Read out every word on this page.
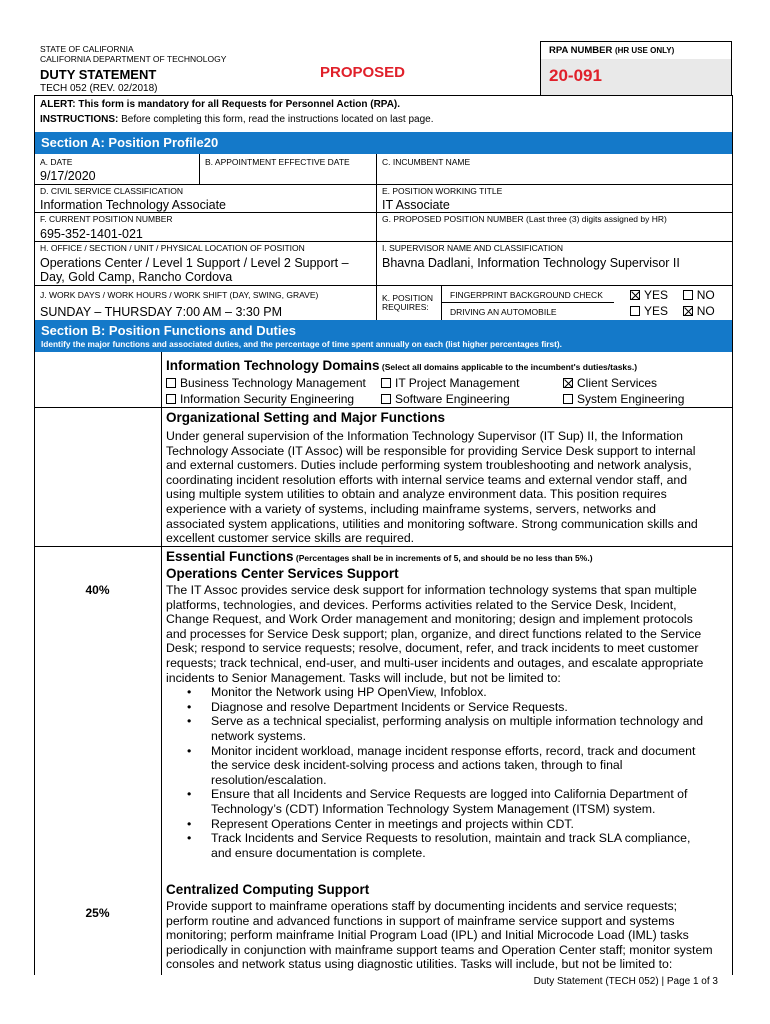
STATE OF CALIFORNIA
CALIFORNIA DEPARTMENT OF TECHNOLOGY
DUTY STATEMENT	PROPOSED
TECH 052 (REV. 02/2018)
RPA NUMBER (HR USE ONLY)
20-091
ALERT: This form is mandatory for all Requests for Personnel Action (RPA).
INSTRUCTIONS: Before completing this form, read the instructions located on last page.
Section A: Position Profile20
A. DATE
9/17/2020
B. APPOINTMENT EFFECTIVE DATE	C. INCUMBENT NAME
D. CIVIL SERVICE CLASSIFICATION
Information Technology Associate
E. POSITION WORKING TITLE
IT Associate
F. CURRENT POSITION NUMBER
695-352-1401-021
G. PROPOSED POSITION NUMBER (Last three (3) digits assigned by HR)
H. OFFICE / SECTION / UNIT / PHYSICAL LOCATION OF POSITION
Operations Center / Level 1 Support / Level 2 Support –
Day, Gold Camp, Rancho Cordova
I. SUPERVISOR NAME AND CLASSIFICATION
Bhavna Dadlani, Information Technology Supervisor II
J. WORK DAYS / WORK HOURS / WORK SHIFT (DAY, SWING, GRAVE)
SUNDAY – THURSDAY 7:00 AM – 3:30 PM
K. POSITION
REQUIRES:
FINGERPRINT BACKGROUND CHECK
DRIVING AN AUTOMOBILE
YES NO
YES NO
Section B: Position Functions and Duties
Identify the major functions and associated duties, and the percentage of time spent annually on each (list higher percentages first).
Information Technology Domains (Select all domains applicable to the incumbent's duties/tasks.)
Business Technology Management	IT Project Management	Client Services
Information Security Engineering	Software Engineering	System Engineering
Organizational Setting and Major Functions
Under general supervision of the Information Technology Supervisor (IT Sup) II, the Information
Technology Associate (IT Assoc) will be responsible for providing Service Desk support to internal
and external customers. Duties include performing system troubleshooting and network analysis,
coordinating incident resolution efforts with internal service teams and external vendor staff, and
using multiple system utilities to obtain and analyze environment data. This position requires
experience with a variety of systems, including mainframe systems, servers, networks and
associated system applications, utilities and monitoring software. Strong communication skills and
excellent customer service skills are required.
Essential Functions (Percentages shall be in increments of 5, and should be no less than 5%.)
40%
Operations Center Services Support
The IT Assoc provides service desk support for information technology systems that span multiple
platforms, technologies, and devices. Performs activities related to the Service Desk, Incident,
Change Request, and Work Order management and monitoring; design and implement protocols
and processes for Service Desk support; plan, organize, and direct functions related to the Service
Desk; respond to service requests; resolve, document, refer, and track incidents to meet customer
requests; track technical, end-user, and multi-user incidents and outages, and escalate appropriate
incidents to Senior Management. Tasks will include, but not be limited to:
• Monitor the Network using HP OpenView, Infoblox.
• Diagnose and resolve Department Incidents or Service Requests.
• Serve as a technical specialist, performing analysis on multiple information technology and
network systems.
• Monitor incident workload, manage incident response efforts, record, track and document
the service desk incident-solving process and actions taken, through to final
resolution/escalation.
• Ensure that all Incidents and Service Requests are logged into California Department of
Technology’s (CDT) Information Technology System Management (ITSM) system.
• Represent Operations Center in meetings and projects within CDT.
• Track Incidents and Service Requests to resolution, maintain and track SLA compliance,
and ensure documentation is complete.
25%
Centralized Computing Support
Provide support to mainframe operations staff by documenting incidents and service requests;
perform routine and advanced functions in support of mainframe service support and systems
monitoring; perform mainframe Initial Program Load (IPL) and Initial Microcode Load (IML) tasks
periodically in conjunction with mainframe support teams and Operation Center staff; monitor system
consoles and network status using diagnostic utilities. Tasks will include, but not be limited to:
Duty Statement (TECH 052) | Page 1 of 3
